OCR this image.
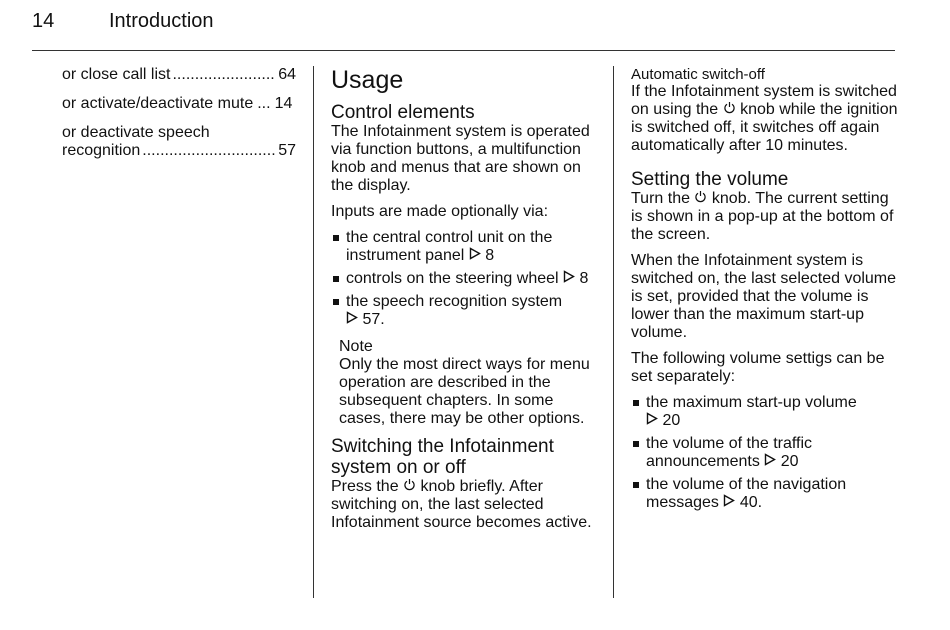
14	Introduction
or close call list .....	64
or activate/deactivate mute ... 14
or deactivate speech
recognition .....	57
Usage
Control elements

The Infotainment system is operated via function buttons, a multifunction knob and menus that are shown on the display.

Inputs are made optionally via:

the central control unit on the instrument panel 8
controls on the steering wheel 8
the speech recognition system
57.
Note
Only the most direct ways for menu operation are described in the subsequent chapters. In some cases, there may be other options.
Switching the Infotainment system on or off

Press the knob briefly. After switching on, the last selected Infotainment source becomes active.

Automatic switch-off

If the Infotainment system is switched on using the knob while the ignition is switched off, it switches off again automatically after 10 minutes.

Setting the volume

Turn the knob. The current setting is shown in a pop-up at the bottom of the screen.

When the Infotainment system is switched on, the last selected volume is set, provided that the volume is lower than the maximum start-up volume.

The following volume settigs can be set separately:

the maximum start-up volume
20
the volume of the traffic announcements 20
the volume of the navigation messages 40.
